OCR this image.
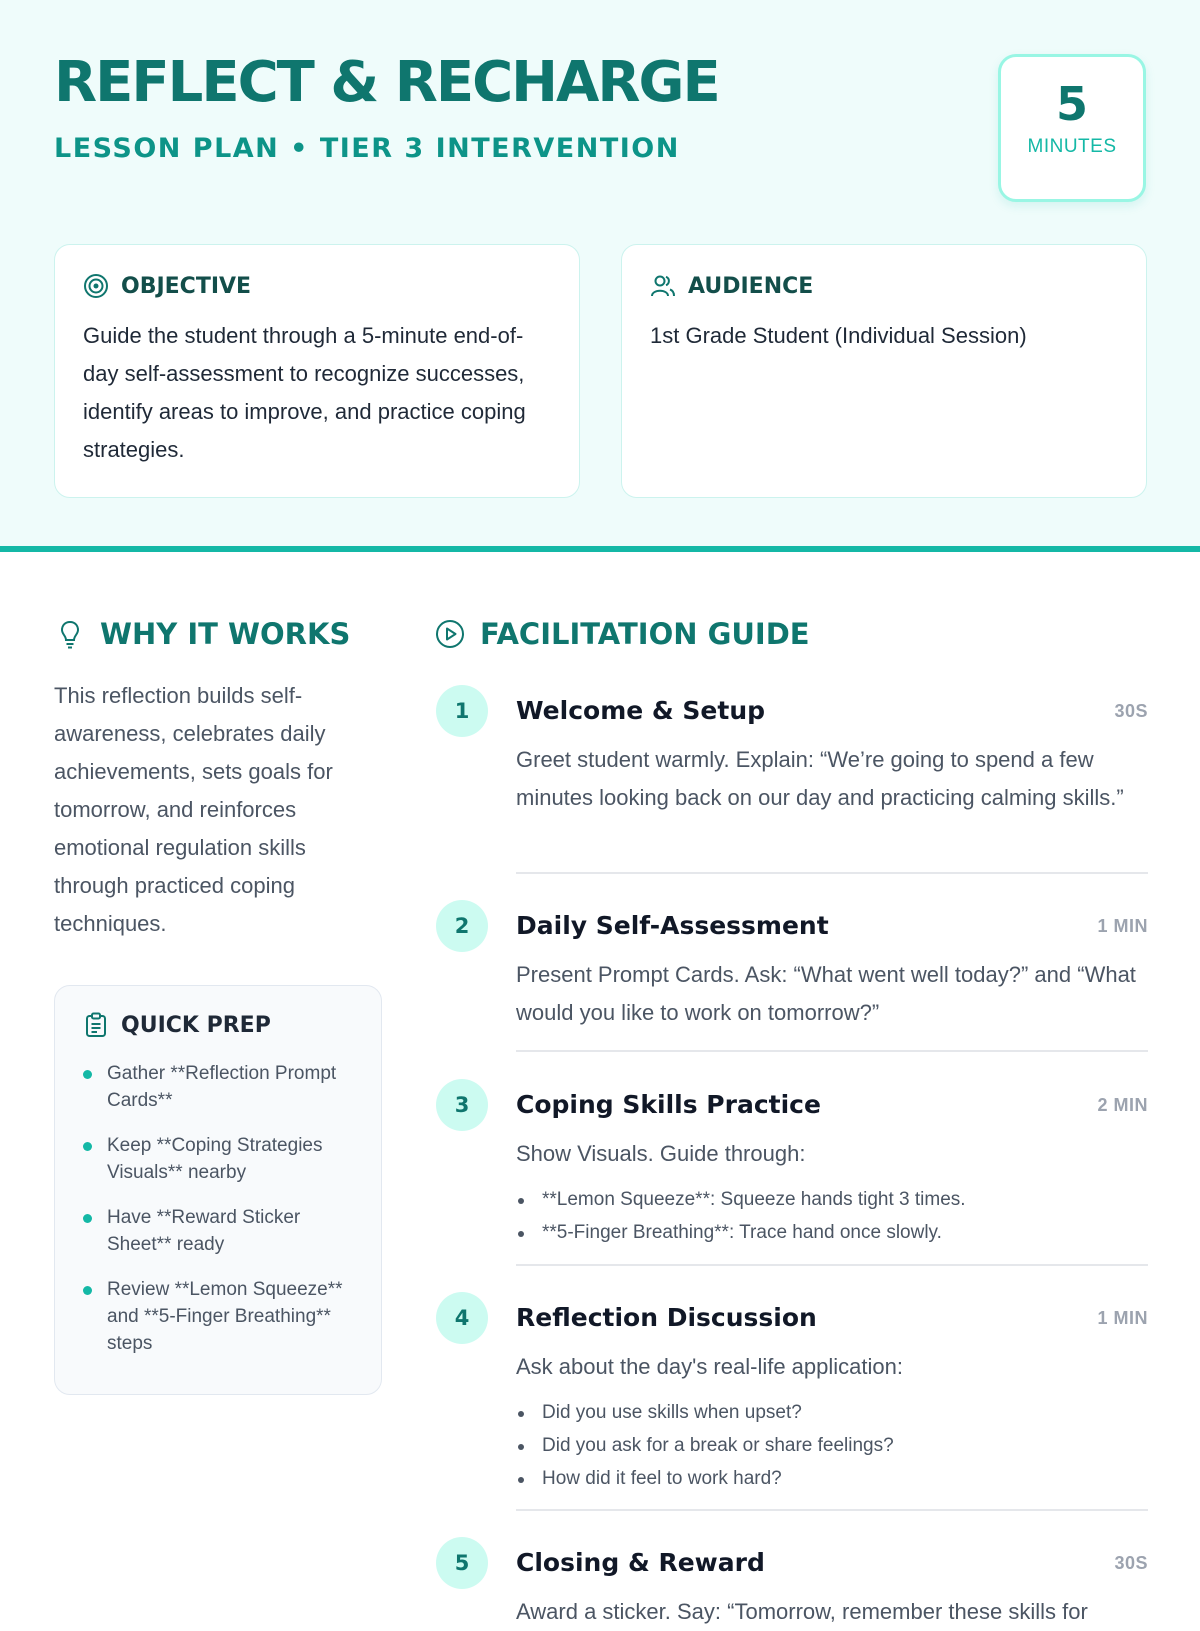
REFLECT & RECHARGE
LESSON PLAN • TIER 3 INTERVENTION
5
MINUTES
OBJECTIVE

Guide the student through a 5-minute end-of-day self-assessment to recognize successes, identify areas to improve, and practice coping strategies.

AUDIENCE

1st Grade Student (Individual Session)

WHY IT WORKS

This reflection builds self-awareness, celebrates daily achievements, sets goals for tomorrow, and reinforces emotional regulation skills through practiced coping techniques.

QUICK PREP
Gather **Reflection Prompt Cards**
Keep **Coping Strategies Visuals** nearby
Have **Reward Sticker Sheet** ready
Review **Lemon Squeeze** and **5-Finger Breathing** steps
FACILITATION GUIDE
1	Welcome & Setup	30S

Greet student warmly. Explain: “We’re going to spend a few minutes looking back on our day and practicing calming skills.”

2	Daily Self-Assessment	1 MIN

Present Prompt Cards. Ask: “What went well today?” and “What would you like to work on tomorrow?”

3	Coping Skills Practice	2 MIN

Show Visuals. Guide through:

**Lemon Squeeze**: Squeeze hands tight 3 times.
**5-Finger Breathing**: Trace hand once slowly.
4	Reflection Discussion	1 MIN

Ask about the day's real-life application:

Did you use skills when upset?
Did you ask for a break or share feelings?
How did it feel to work hard?
5	Closing & Reward	30S

Award a sticker. Say: “Tomorrow, remember these skills for
